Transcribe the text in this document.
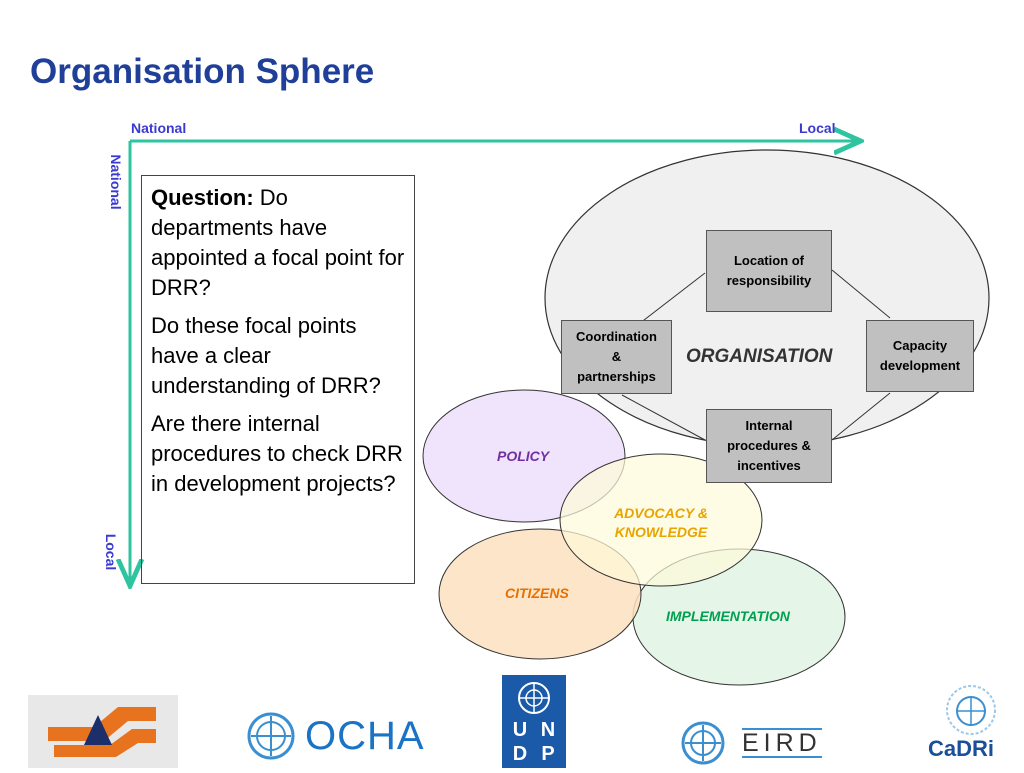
Organisation Sphere
National	Local
National
Local

Question: Do departments have appointed a focal point for DRR?

Do these focal points have a clear understanding of DRR?

Are there internal procedures to check DRR in development projects?

Location of
responsibility
Coordination
&
partnerships
Capacity
development
Internal
procedures &
incentives
ORGANISATION
POLICY
ADVOCACY &
KNOWLEDGE
CITIZENS
IMPLEMENTATION
OCHA	U N
D P	EIRD	CaDRi
